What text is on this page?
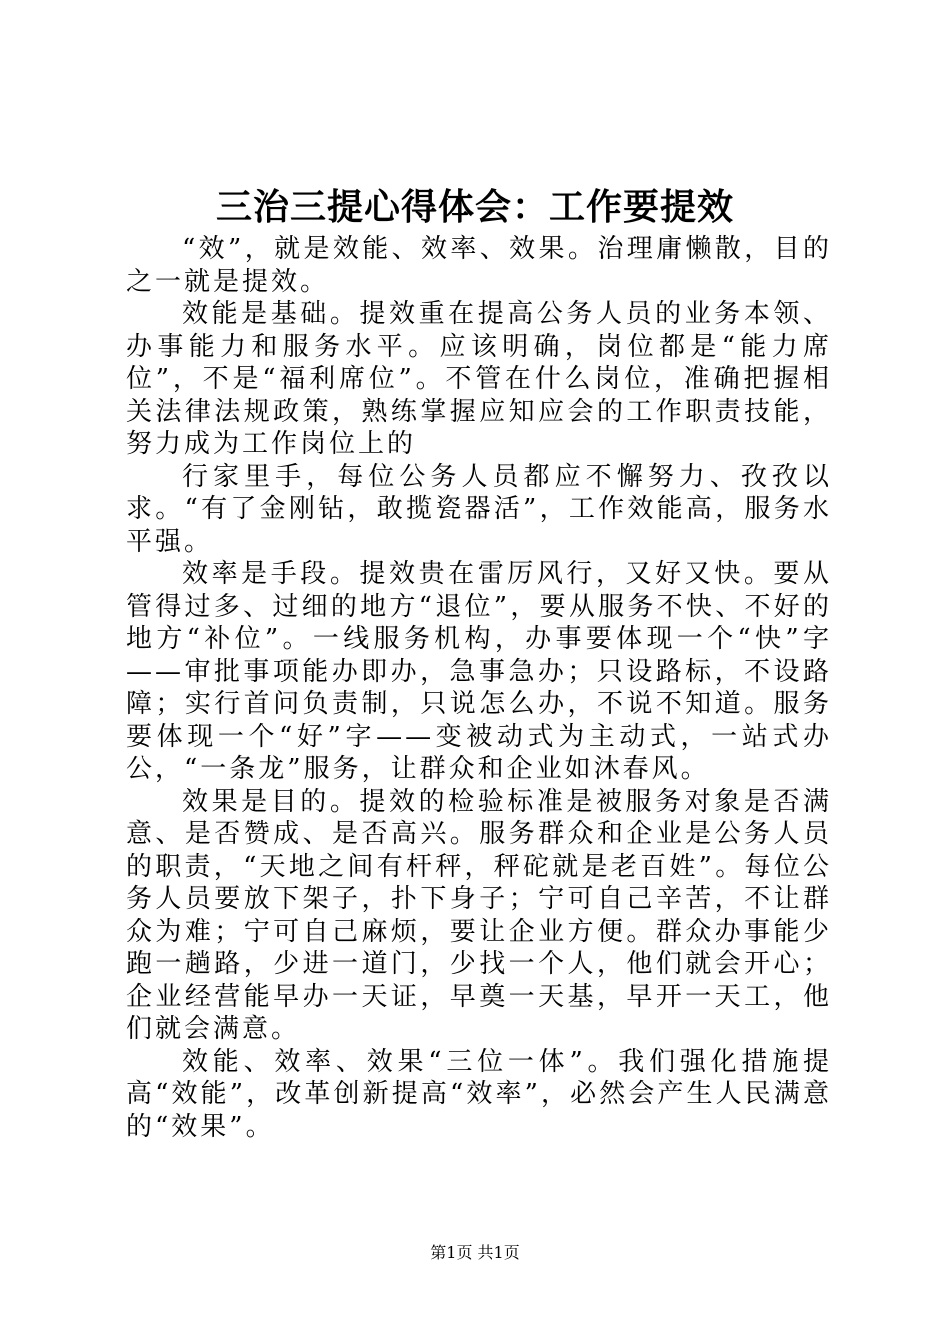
三治三提心得体会：工作要提效

“效”，就是效能、效率、效果。治理庸懒散，目的之一就是提效。

效能是基础。提效重在提高公务人员的业务本领、办事能力和服务水平。应该明确，岗位都是“能力席位”，不是“福利席位”。不管在什么岗位，准确把握相关法律法规政策，熟练掌握应知应会的工作职责技能，努力成为工作岗位上的

行家里手，每位公务人员都应不懈努力、孜孜以求。“有了金刚钻，敢揽瓷器活”，工作效能高，服务水平强。

效率是手段。提效贵在雷厉风行，又好又快。要从管得过多、过细的地方“退位”，要从服务不快、不好的地方“补位”。一线服务机构，办事要体现一个“快”字——审批事项能办即办，急事急办；只设路标，不设路障；实行首问负责制，只说怎么办，不说不知道。服务要体现一个“好”字——变被动式为主动式，一站式办公，“一条龙”服务，让群众和企业如沐春风。

效果是目的。提效的检验标准是被服务对象是否满意、是否赞成、是否高兴。服务群众和企业是公务人员的职责，“天地之间有杆秤，秤砣就是老百姓”。每位公务人员要放下架子，扑下身子；宁可自己辛苦，不让群众为难；宁可自己麻烦，要让企业方便。群众办事能少跑一趟路，少进一道门，少找一个人，他们就会开心；企业经营能早办一天证，早奠一天基，早开一天工，他们就会满意。

效能、效率、效果“三位一体”。我们强化措施提高“效能”，改革创新提高“效率”，必然会产生人民满意的“效果”。

第1页 共1页
